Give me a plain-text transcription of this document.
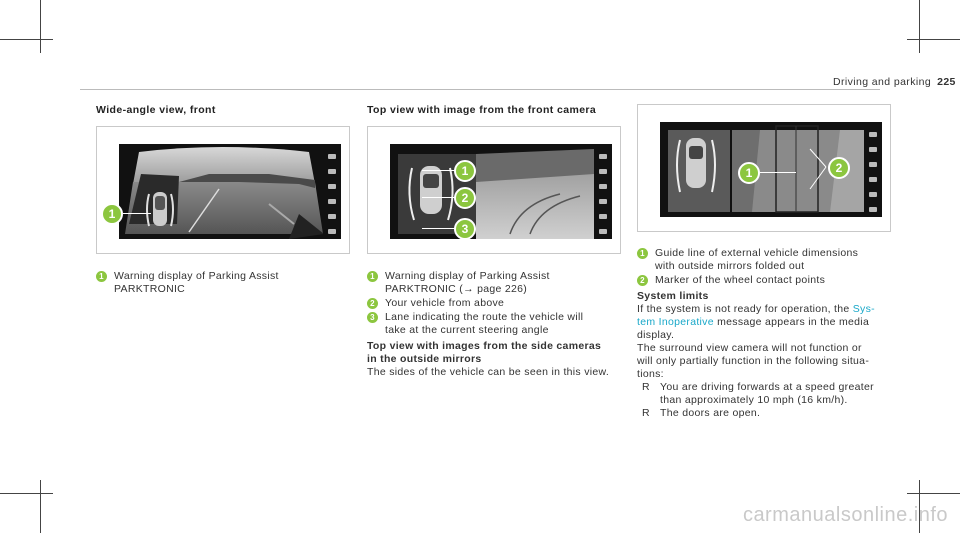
Driving and parking 225
Wide-angle view, front
1
1 Warning display of Parking Assist
PARKTRONIC
Top view with image from the front camera
1
2
3
1 Warning display of Parking Assist
PARKTRONIC (→ page 226)
2 Your vehicle from above
3 Lane indicating the route the vehicle will
take at the current steering angle
Top view with images from the side cameras
in the outside mirrors
The sides of the vehicle can be seen in this view.
1	2
1 Guide line of external vehicle dimensions
with outside mirrors folded out
2 Marker of the wheel contact points
System limits
If the system is not ready for operation, the Sys-
tem Inoperative message appears in the media
display.
The surround view camera will not function or
will only partially function in the following situa-
tions:
R You are driving forwards at a speed greater
than approximately 10 mph (16 km/h).
R The doors are open.
carmanualsonline.info
